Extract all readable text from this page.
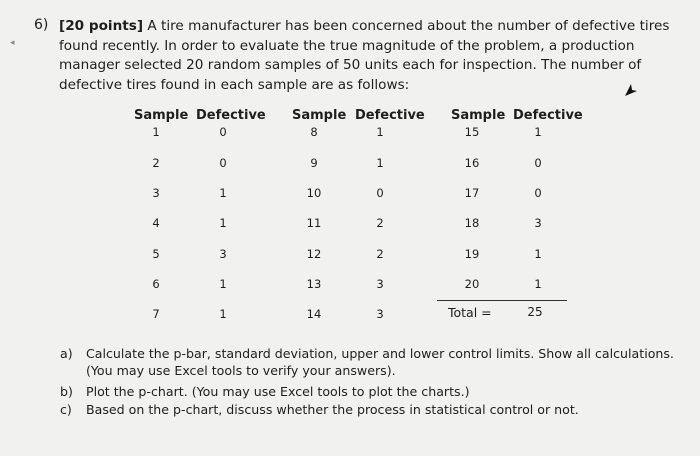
6) [20 points] A tire manufacturer has been concerned about the number of defective tires found recently. In order to evaluate the true magnitude of the problem, a production manager selected 20 random samples of 50 units each for inspection. The number of defective tires found in each sample are as follows:
◂
Sample Defective
1	0
2	0
3	1
4	1
5	3
6	1
7	1
Sample Defective
8	1
9	1
10	0
11	2
12	2
13	3
14	3
Sample Defective
15	1
16	0
17	0
18	3
19	1
20	1
Total =	25
a) Calculate the p-bar, standard deviation, upper and lower control limits. Show all calculations. (You may use Excel tools to verify your answers).
b) Plot the p-chart. (You may use Excel tools to plot the charts.)
c) Based on the p-chart, discuss whether the process in statistical control or not.
